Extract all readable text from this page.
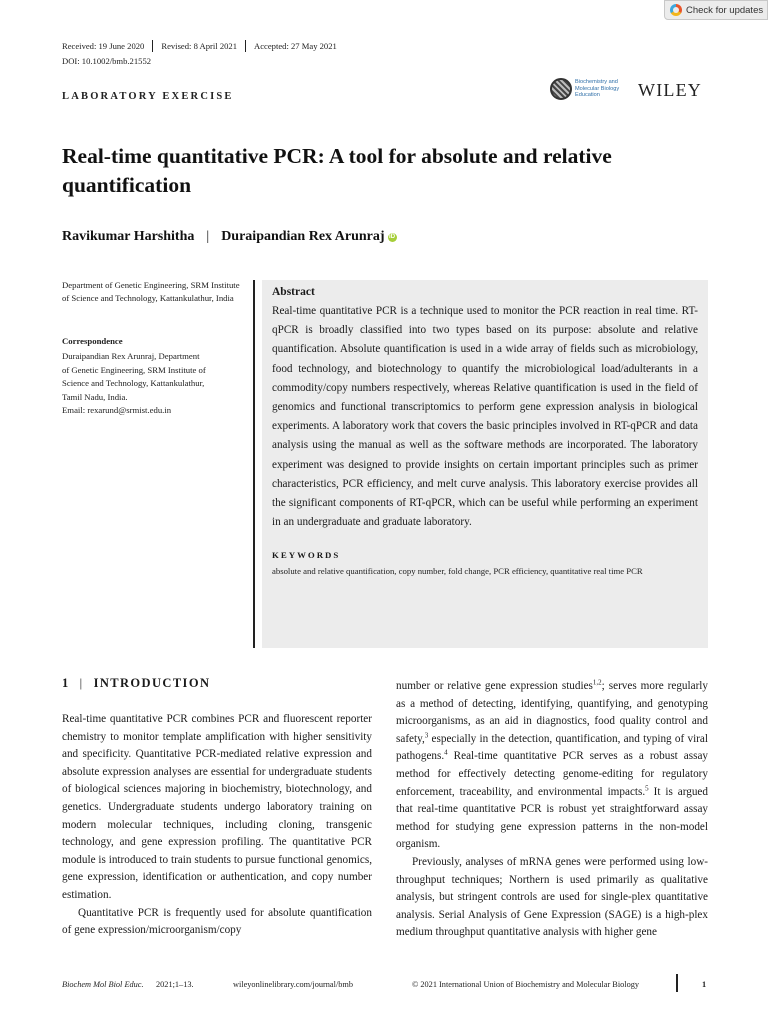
Check for updates
Received: 19 June 2020	Revised: 8 April 2021	Accepted: 27 May 2021
DOI: 10.1002/bmb.21552
LABORATORY EXERCISE
Biochemistry and
Molecular Biology
Education	WILEY
Real-time quantitative PCR: A tool for absolute and relative quantification
Ravikumar Harshitha | Duraipandian Rex Arunraj iD
Department of Genetic Engineering, SRM Institute of Science and Technology, Kattankulathur, India
Correspondence
Duraipandian Rex Arunraj, Department
of Genetic Engineering, SRM Institute of
Science and Technology, Kattankulathur,
Tamil Nadu, India.
Email: rexarund@srmist.edu.in
Abstract
Real-time quantitative PCR is a technique used to monitor the PCR reaction in real time. RT-qPCR is broadly classified into two types based on its purpose: absolute and relative quantification. Absolute quantification is used in a wide array of fields such as microbiology, food technology, and biotechnology to quantify the microbiological load/adulterants in a commodity/copy numbers respectively, whereas Relative quantification is used in the field of genomics and functional transcriptomics to perform gene expression analysis in biological experiments. A laboratory work that covers the basic principles involved in RT-qPCR and data analysis using the manual as well as the software methods are incorporated. The laboratory experiment was designed to provide insights on certain important principles such as primer characteristics, PCR efficiency, and melt curve analysis. This laboratory exercise provides all the significant components of RT-qPCR, which can be useful while performing an experiment in an undergraduate and graduate laboratory.
KEYWORDS
absolute and relative quantification, copy number, fold change, PCR efficiency, quantitative real time PCR
1 | INTRODUCTION

Real-time quantitative PCR combines PCR and fluorescent reporter chemistry to monitor template amplification with higher sensitivity and specificity. Quantitative PCR-mediated relative expression and absolute expression analyses are essential for undergraduate students of biological sciences majoring in biochemistry, biotechnology, and genetics. Undergraduate students undergo laboratory training on modern molecular techniques, including cloning, transgenic technology, and gene expression profiling. The quantitative PCR module is introduced to train students to pursue functional genomics, gene expression, identification or authentication, and copy number estimation.

Quantitative PCR is frequently used for absolute quantification of gene expression/microorganism/copy

number or relative gene expression studies$^{1,2}$; serves more regularly as a method of detecting, identifying, quantifying, and genotyping microorganisms, as an aid in diagnostics, food quality control and safety,$^3$ especially in the detection, quantification, and typing of viral pathogens.$^4$ Real-time quantitative PCR serves as a robust assay method for effectively detecting genome-editing for regulatory enforcement, traceability, and environmental impacts.$^5$ It is argued that real-time quantitative PCR is robust yet straightforward assay method for studying gene expression patterns in the non-model organism.

Previously, analyses of mRNA genes were performed using low-throughput techniques; Northern is used primarily as qualitative analysis, but stringent controls are used for single-plex quantitative analysis. Serial Analysis of Gene Expression (SAGE) is a high-plex medium throughput quantitative analysis with higher gene

Biochem Mol Biol Educ. 2021;1–13.	wileyonlinelibrary.com/journal/bmb	© 2021 International Union of Biochemistry and Molecular Biology	1
